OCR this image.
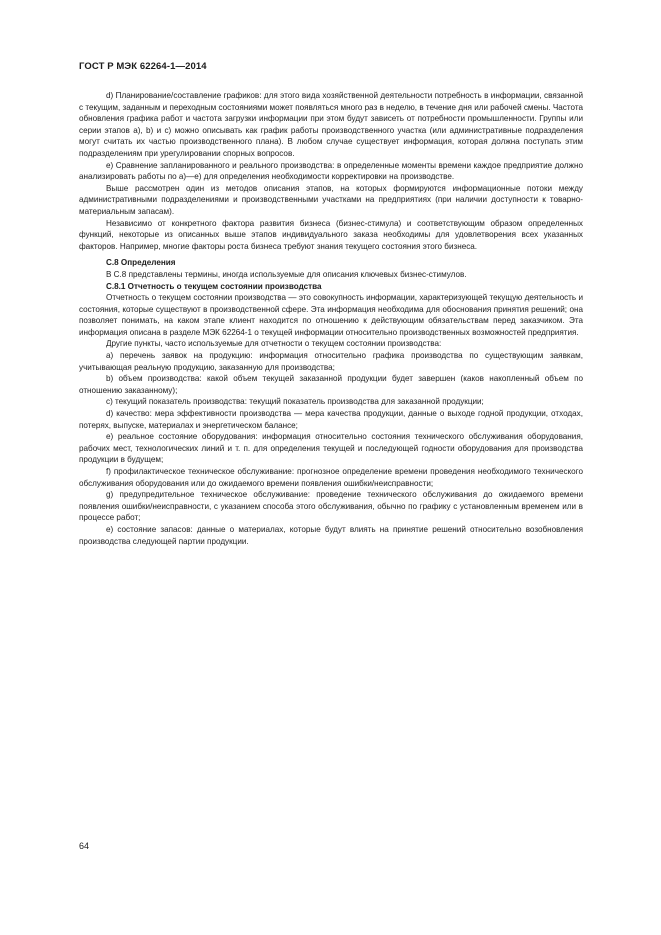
ГОСТ Р МЭК 62264-1—2014

d) Планирование/составление графиков: для этого вида хозяйственной деятельности потребность в информации, связанной с текущим, заданным и переходным состояниями может появляться много раз в неделю, в течение дня или рабочей смены. Частота обновления графика работ и частота загрузки информации при этом будут зависеть от потребности промышленности. Группы или серии этапов а), b) и с) можно описывать как график работы производственного участка (или административные подразделения могут считать их частью производственного плана). В любом случае существует информация, которая должна поступать этим подразделениям при урегулировании спорных вопросов.

е) Сравнение запланированного и реального производства: в определенные моменты времени каждое предприятие должно анализировать работы по а)—е) для определения необходимости корректировки на производстве.

Выше рассмотрен один из методов описания этапов, на которых формируются информационные потоки между административными подразделениями и производственными участками на предприятиях (при наличии доступности к товарно-материальным запасам).

Независимо от конкретного фактора развития бизнеса (бизнес-стимула) и соответствующим образом определенных функций, некоторые из описанных выше этапов индивидуального заказа необходимы для удовлетворения всех указанных факторов. Например, многие факторы роста бизнеса требуют знания текущего состояния этого бизнеса.

С.8 Определения

В С.8 представлены термины, иногда используемые для описания ключевых бизнес-стимулов.

С.8.1 Отчетность о текущем состоянии производства

Отчетность о текущем состоянии производства — это совокупность информации, характеризующей текущую деятельность и состояния, которые существуют в производственной сфере. Эта информация необходима для обоснования принятия решений; она позволяет понимать, на каком этапе клиент находится по отношению к действующим обязательствам перед заказчиком. Эта информация описана в разделе МЭК 62264-1 о текущей информации относительно производственных возможностей предприятия.

Другие пункты, часто используемые для отчетности о текущем состоянии производства:

а) перечень заявок на продукцию: информация относительно графика производства по существующим заявкам, учитывающая реальную продукцию, заказанную для производства;

b) объем производства: какой объем текущей заказанной продукции будет завершен (каков накопленный объем по отношению заказанному);

с) текущий показатель производства: текущий показатель производства для заказанной продукции;

d) качество: мера эффективности производства — мера качества продукции, данные о выходе годной продукции, отходах, потерях, выпуске, материалах и энергетическом балансе;

е) реальное состояние оборудования: информация относительно состояния технического обслуживания оборудования, рабочих мест, технологических линий и т. п. для определения текущей и последующей годности оборудования для производства продукции в будущем;

f) профилактическое техническое обслуживание: прогнозное определение времени проведения необходимого технического обслуживания оборудования или до ожидаемого времени появления ошибки/неисправности;

g) предупредительное техническое обслуживание: проведение технического обслуживания до ожидаемого времени появления ошибки/неисправности, с указанием способа этого обслуживания, обычно по графику с установленным временем или в процессе работ;

е) состояние запасов: данные о материалах, которые будут влиять на принятие решений относительно возобновления производства следующей партии продукции.

64
